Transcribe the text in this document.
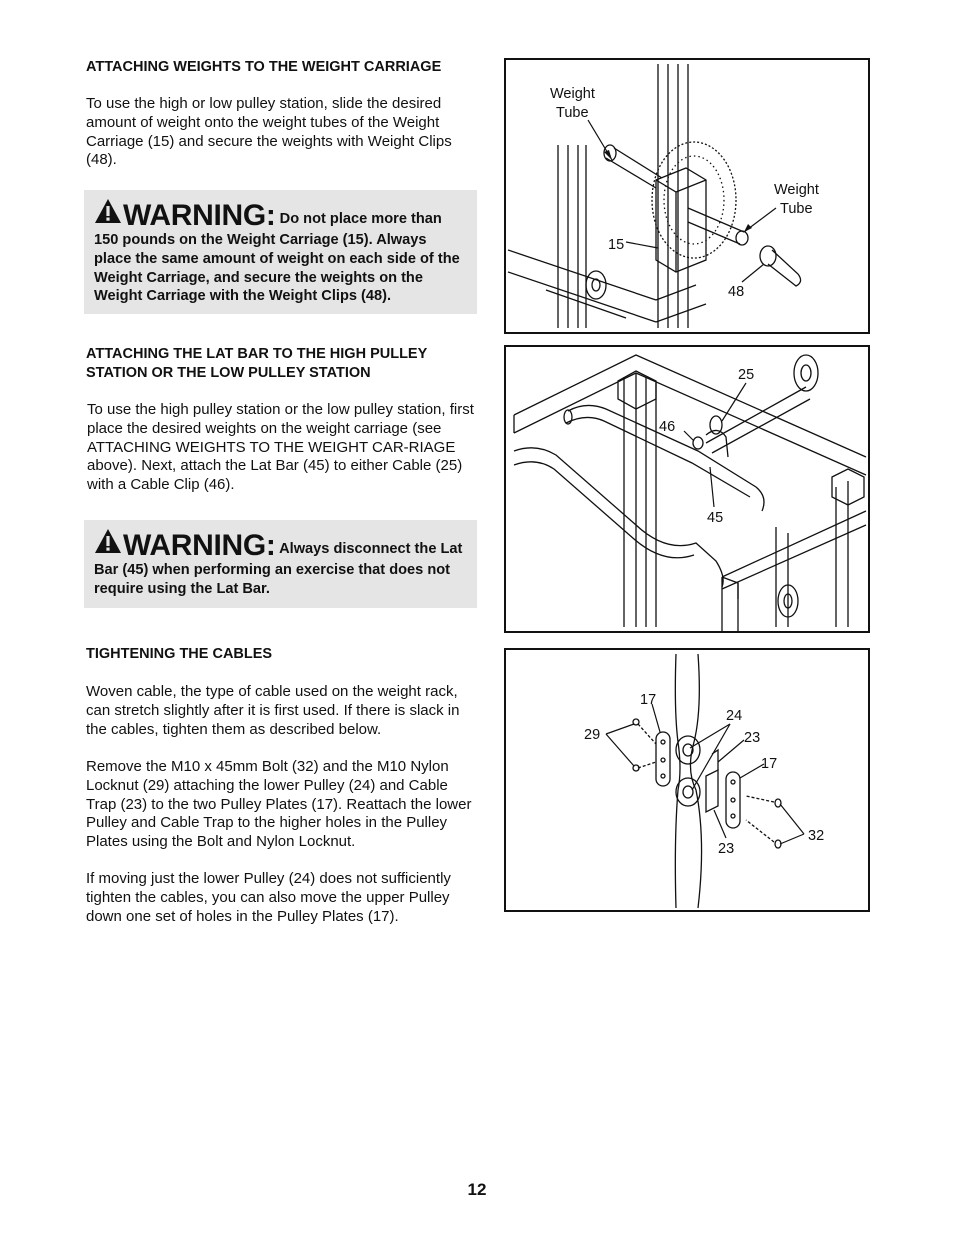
ATTACHING WEIGHTS TO THE WEIGHT CARRIAGE

To use the high or low pulley station, slide the desired amount of weight onto the weight tubes of the Weight Carriage (15) and secure the weights with Weight Clips (48).

WARNING: Do not place more than 150 pounds on the Weight Carriage (15). Always place the same amount of weight on each side of the Weight Carriage, and secure the weights on the Weight Carriage with the Weight Clips (48).
ATTACHING THE LAT BAR TO THE HIGH PULLEY
STATION OR THE LOW PULLEY STATION

To use the high pulley station or the low pulley station, first place the desired weights on the weight carriage (see ATTACHING WEIGHTS TO THE WEIGHT CAR-RIAGE above). Next, attach the Lat Bar (45) to either Cable (25) with a Cable Clip (46).

WARNING: Always disconnect the Lat Bar (45) when performing an exercise that does not require using the Lat Bar.
TIGHTENING THE CABLES

Woven cable, the type of cable used on the weight rack, can stretch slightly after it is first used. If there is slack in the cables, tighten them as described below.

Remove the M10 x 45mm Bolt (32) and the M10 Nylon Locknut (29) attaching the lower Pulley (24) and Cable Trap (23) to the two Pulley Plates (17). Reattach the lower Pulley and Cable Trap to the higher holes in the Pulley Plates using the Bolt and Nylon Locknut.

If moving just the lower Pulley (24) does not sufficiently tighten the cables, you can also move the upper Pulley down one set of holes in the Pulley Plates (17).

Weight
Tube
Weight
Tube
15
48
25
46
45
17
29
24
23
17
32
23
12
